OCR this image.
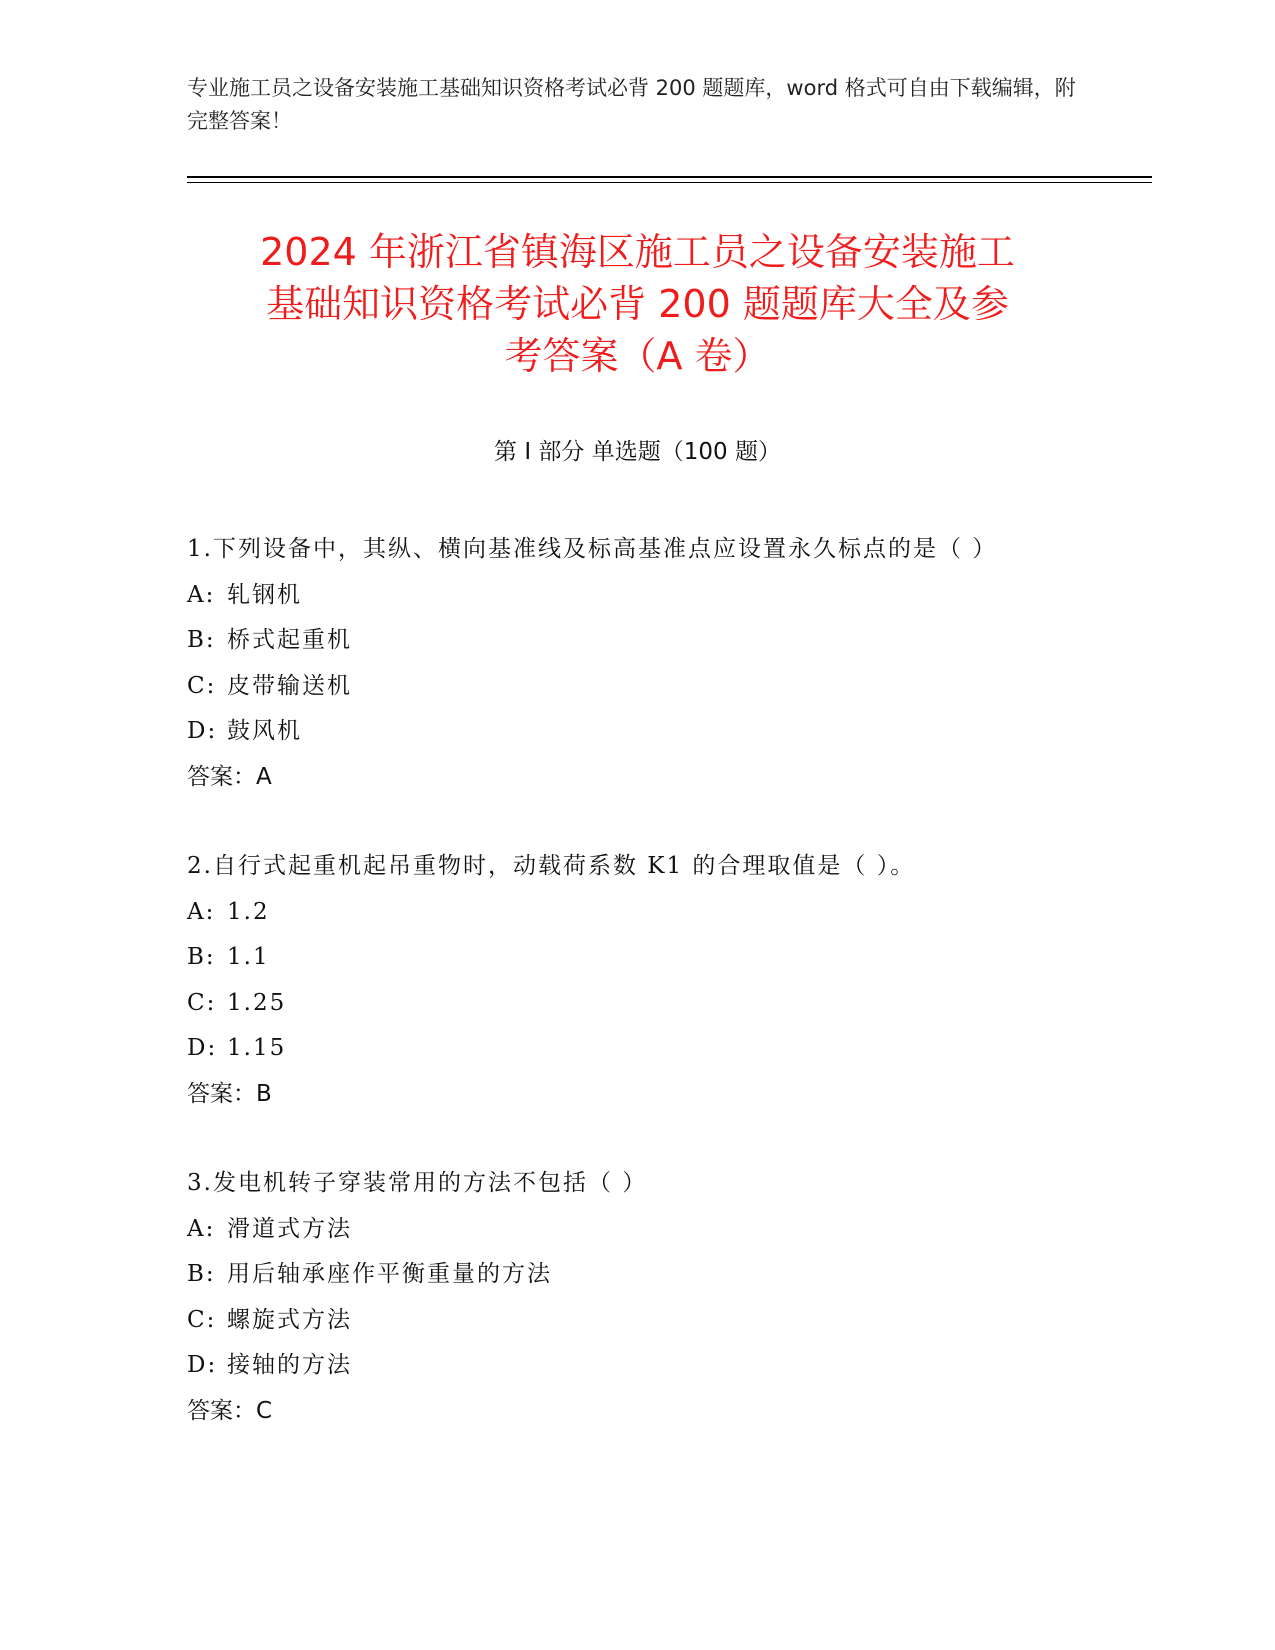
专业施工员之设备安装施工基础知识资格考试必背 200 题题库，word 格式可自由下载编辑，附完整答案！
2024 年浙江省镇海区施工员之设备安装施工
基础知识资格考试必背 200 题题库大全及参
考答案（A 卷）
第 I 部分 单选题（100 题）

1.下列设备中，其纵、横向基准线及标高基准点应设置永久标点的是（ ）

A: 轧钢机

B: 桥式起重机

C: 皮带输送机

D: 鼓风机

答案：A

2.自行式起重机起吊重物时，动载荷系数 K1 的合理取值是（ ）。

A: 1.2

B: 1.1

C: 1.25

D: 1.15

答案：B

3.发电机转子穿装常用的方法不包括（ ）

A: 滑道式方法

B: 用后轴承座作平衡重量的方法

C: 螺旋式方法

D: 接轴的方法

答案：C
